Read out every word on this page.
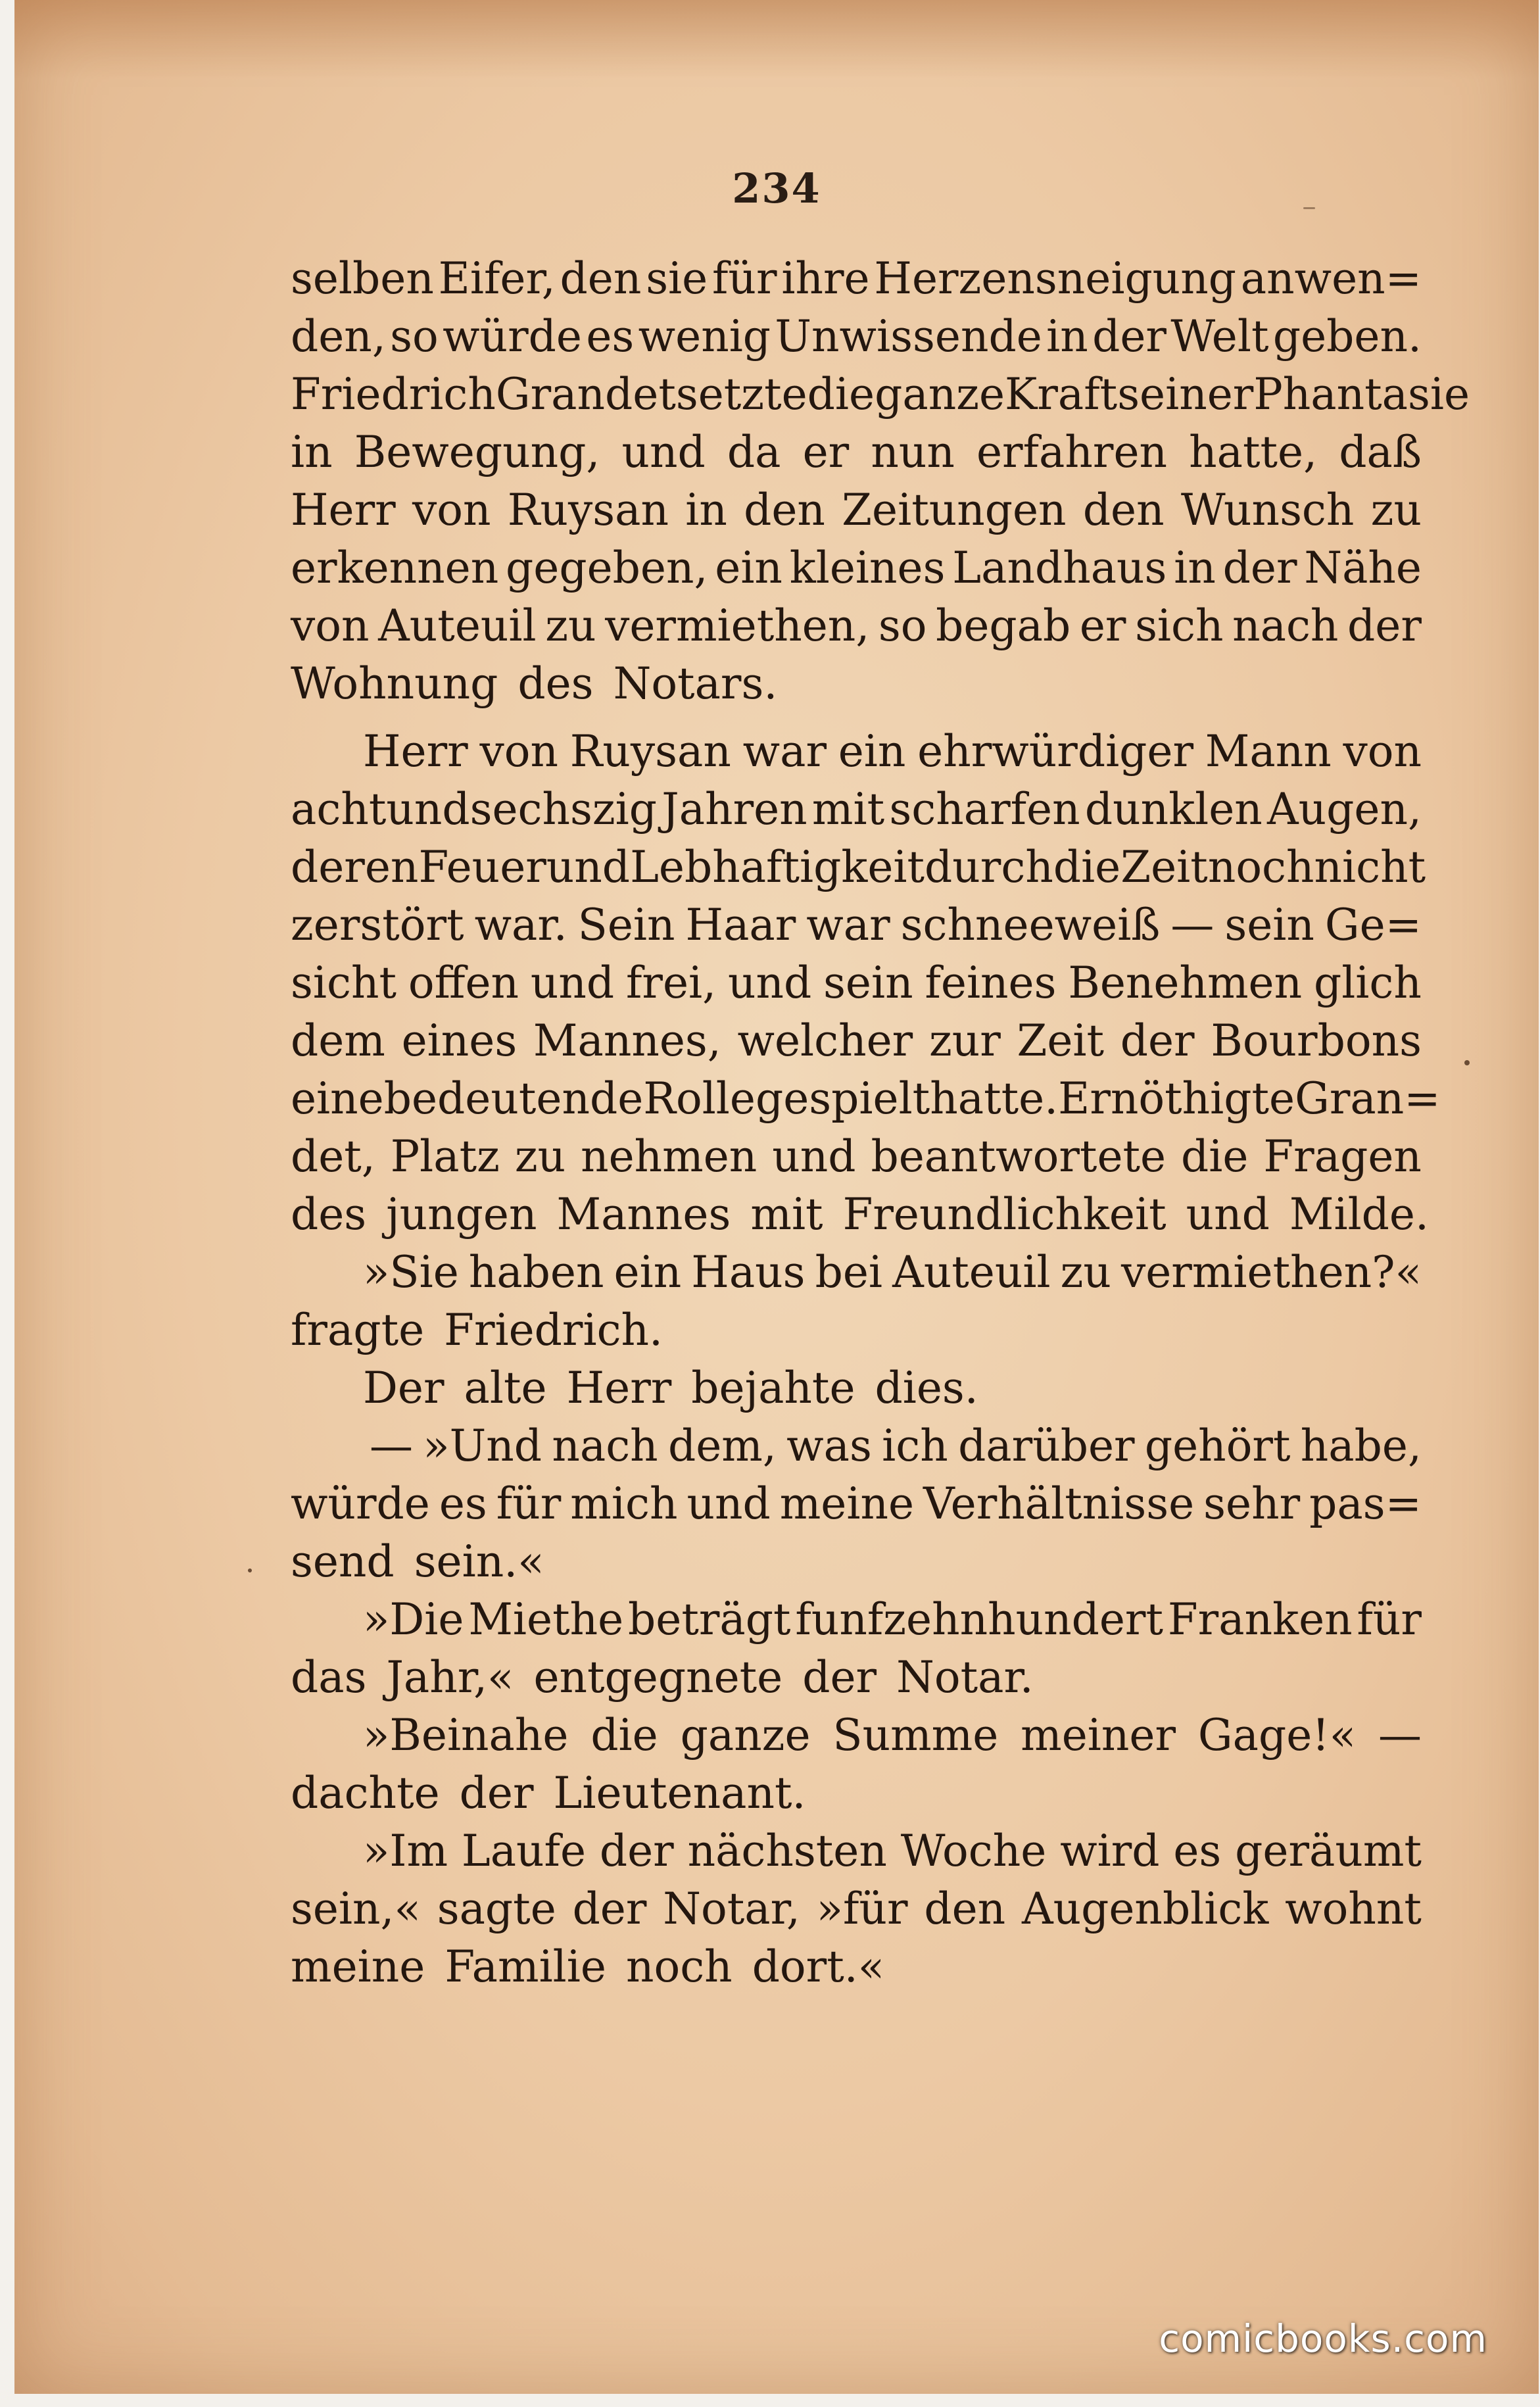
234
selben Eifer, den sie für ihre Herzensneigung anwen=
den, so würde es wenig Unwissende in der Welt geben.
Friedrich Grandet setzte die ganze Kraft seiner Phantasie
in Bewegung, und da er nun erfahren hatte, daß
Herr von Ruysan in den Zeitungen den Wunsch zu
erkennen gegeben, ein kleines Landhaus in der Nähe
von Auteuil zu vermiethen, so begab er sich nach der
Wohnung des Notars.
Herr von Ruysan war ein ehrwürdiger Mann von
achtundsechszig Jahren mit scharfen dunklen Augen,
deren Feuer und Lebhaftigkeit durch die Zeit noch nicht
zerstört war. Sein Haar war schneeweiß — sein Ge=
sicht offen und frei, und sein feines Benehmen glich
dem eines Mannes, welcher zur Zeit der Bourbons
eine bedeutende Rolle gespielt hatte. Er nöthigte Gran=
det, Platz zu nehmen und beantwortete die Fragen
des jungen Mannes mit Freundlichkeit und Milde.
»Sie haben ein Haus bei Auteuil zu vermiethen?«
fragte Friedrich.
Der alte Herr bejahte dies.
— »Und nach dem, was ich darüber gehört habe,
würde es für mich und meine Verhältnisse sehr pas=
send sein.«
»Die Miethe beträgt funfzehnhundert Franken für
das Jahr,« entgegnete der Notar.
»Beinahe die ganze Summe meiner Gage!« —
dachte der Lieutenant.
»Im Laufe der nächsten Woche wird es geräumt
sein,« sagte der Notar, »für den Augenblick wohnt
meine Familie noch dort.«
comicbooks.com
